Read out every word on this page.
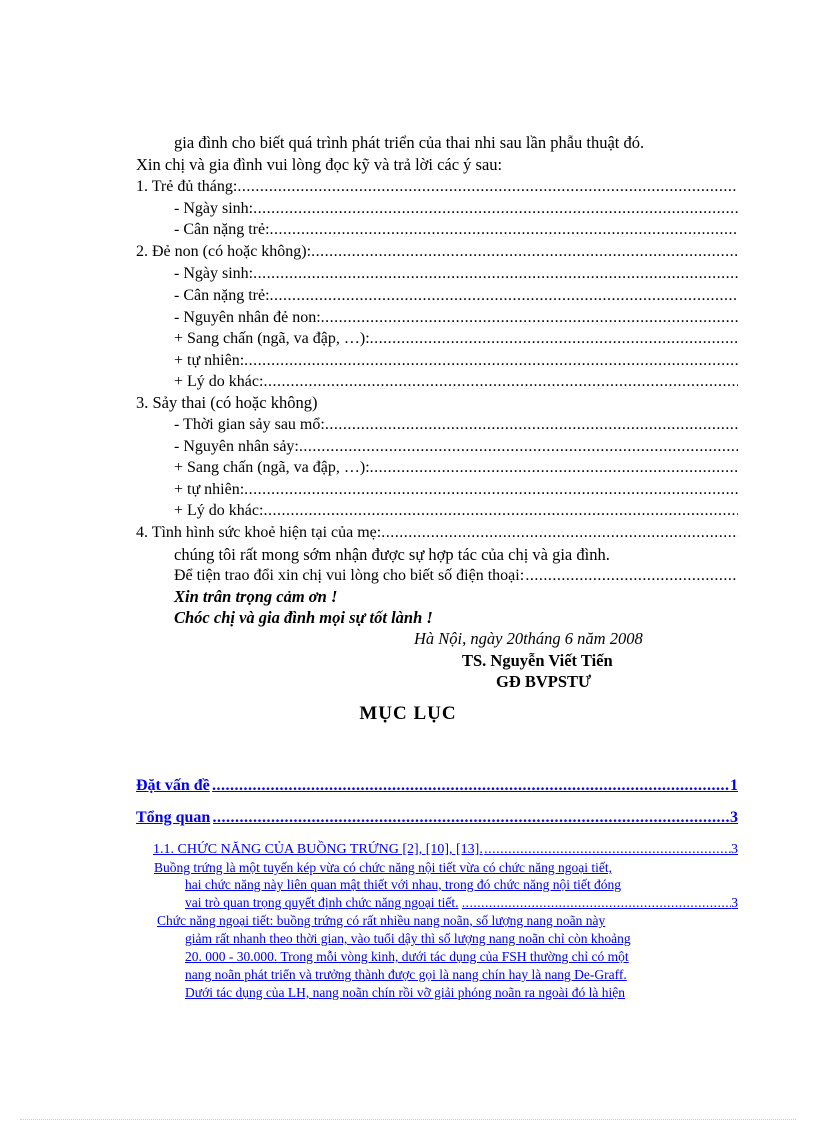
gia đình cho biết quá trình phát triển của thai nhi sau lần phẫu thuật đó.
Xin chị và gia đình vui lòng đọc kỹ và trả lời các ý sau:
1. Trẻ đủ tháng:
.....
- Ngày sinh:
.....
- Cân nặng trẻ:
.....
2. Đẻ non (có hoặc không):
.....
- Ngày sinh:
.....
- Cân nặng trẻ:
.....
- Nguyên nhân đẻ non:
.....
+ Sang chấn (ngã, va đập, …):
.....
+ tự nhiên:
.....
+ Lý do khác:
.....
3. Sảy thai (có hoặc không)
- Thời gian sảy sau mổ:
.....
- Nguyên nhân sảy:
.....
+ Sang chấn (ngã, va đập, …):
.....
+ tự nhiên:
.....
+ Lý do khác:
.....
4. Tình hình sức khoẻ hiện tại của mẹ:
.....
chúng tôi rất mong sớm nhận được sự hợp tác của chị và gia đình.
Để tiện trao đổi xin chị vui lòng cho biết số điện thoại:
.....
Xin trân trọng cảm ơn !
Chóc chị và gia đình mọi sự tốt lành !
Hà Nội, ngày 20tháng 6 năm 2008
TS. Nguyễn Viết Tiến
GĐ BVPSTƯ
MỤC LỤC
Đặt vấn đề .....	1
Tổng quan .....	3
1.1. CHỨC NĂNG CỦA BUỒNG TRỨNG [2], [10], [13]. .....	3
Buồng trứng là một tuyến kép vừa có chức năng nội tiết vừa có chức năng ngoại tiết,
hai chức năng này liên quan mật thiết với nhau, trong đó chức năng nội tiết đóng
vai trò quan trọng quyết định chức năng ngoại tiết. .....	3
Chức năng ngoại tiết: buồng trứng có rất nhiều nang noãn, số lượng nang noãn này
giảm rất nhanh theo thời gian, vào tuổi dậy thì số lượng nang noãn chỉ còn khoảng
20. 000 - 30.000. Trong mỗi vòng kinh, dưới tác dụng của FSH thường chỉ có một
nang noãn phát triển và trưởng thành được gọi là nang chín hay là nang De-Graff.
Dưới tác dụng của LH, nang noãn chín rồi vỡ giải phóng noãn ra ngoài đó là hiện
